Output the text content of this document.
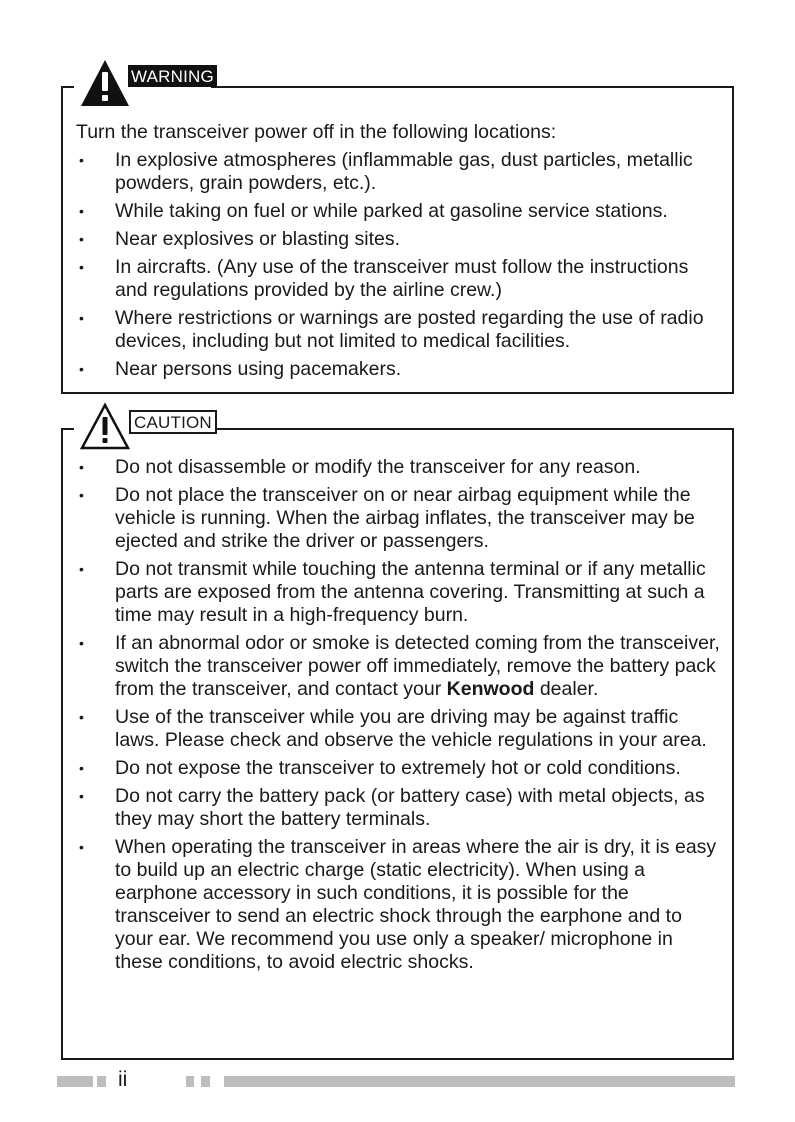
WARNING

Turn the transceiver power off in the following locations:

• In explosive atmospheres (inflammable gas, dust particles, metallic powders, grain powders, etc.).
• While taking on fuel or while parked at gasoline service stations.
• Near explosives or blasting sites.
• In aircrafts. (Any use of the transceiver must follow the instructions and regulations provided by the airline crew.)
• Where restrictions or warnings are posted regarding the use of radio devices, including but not limited to medical facilities.
• Near persons using pacemakers.
CAUTION
• Do not disassemble or modify the transceiver for any reason.
• Do not place the transceiver on or near airbag equipment while the vehicle is running. When the airbag inflates, the transceiver may be ejected and strike the driver or passengers.
• Do not transmit while touching the antenna terminal or if any metallic parts are exposed from the antenna covering. Transmitting at such a time may result in a high-frequency burn.
• If an abnormal odor or smoke is detected coming from the transceiver, switch the transceiver power off immediately, remove the battery pack from the transceiver, and contact your Kenwood dealer.
• Use of the transceiver while you are driving may be against traffic laws. Please check and observe the vehicle regulations in your area.
• Do not expose the transceiver to extremely hot or cold conditions.
• Do not carry the battery pack (or battery case) with metal objects, as they may short the battery terminals.
• When operating the transceiver in areas where the air is dry, it is easy to build up an electric charge (static electricity). When using a earphone accessory in such conditions, it is possible for the transceiver to send an electric shock through the earphone and to your ear. We recommend you use only a speaker/ microphone in these conditions, to avoid electric shocks.
ii
